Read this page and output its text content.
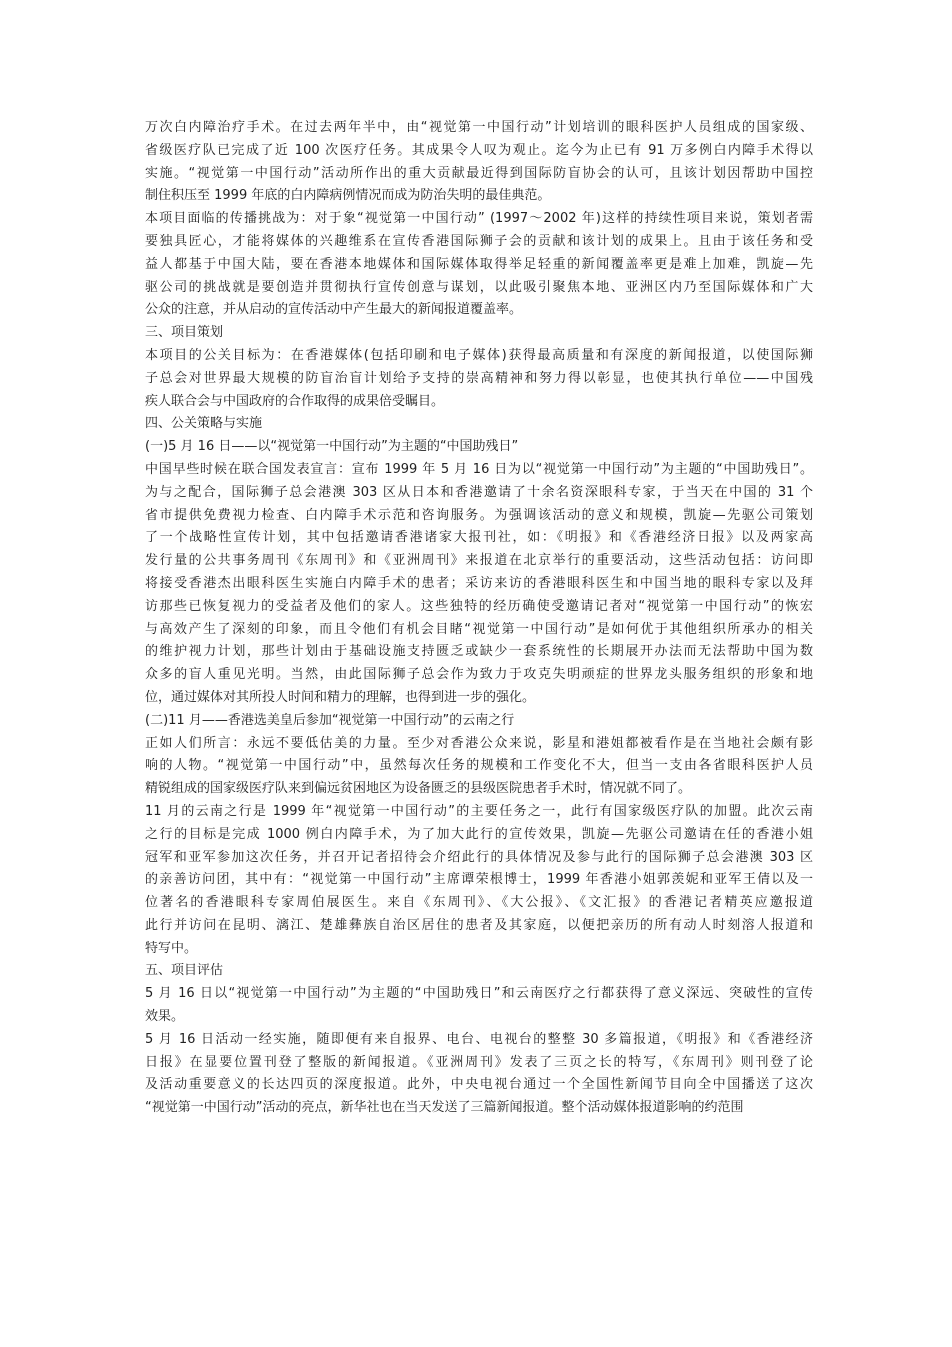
万次白内障治疗手术。在过去两年半中，由“视觉第一中国行动”计划培训的眼科医护人员组成的国家级、
省级医疗队已完成了近 100 次医疗任务。其成果令人叹为观止。迄今为止已有 91 万多例白内障手术得以
实施。“视觉第一中国行动”活动所作出的重大贡献最近得到国际防盲协会的认可，且该计划因帮助中国控
制住积压至 1999 年底的白内障病例情况而成为防治失明的最佳典范。
本项目面临的传播挑战为：对于象“视觉第一中国行动” (1997～2002 年)这样的持续性项目来说，策划者需
要独具匠心，才能将媒体的兴趣维系在宣传香港国际狮子会的贡献和该计划的成果上。且由于该任务和受
益人都基于中国大陆，要在香港本地媒体和国际媒体取得举足轻重的新闻覆盖率更是难上加难，凯旋—先
驱公司的挑战就是要创造并贯彻执行宣传创意与谋划，以此吸引聚焦本地、亚洲区内乃至国际媒体和广大
公众的注意，并从启动的宣传活动中产生最大的新闻报道覆盖率。
三、项目策划
本项目的公关目标为：在香港媒体(包括印刷和电子媒体)获得最高质量和有深度的新闻报道，以使国际狮
子总会对世界最大规模的防盲治盲计划给予支持的崇高精神和努力得以彰显，也使其执行单位——中国残
疾人联合会与中国政府的合作取得的成果倍受瞩目。
四、公关策略与实施
(一)5 月 16 日——以“视觉第一中国行动”为主题的“中国助残日”
中国早些时候在联合国发表宣言：宣布 1999 年 5 月 16 日为以“视觉第一中国行动”为主题的“中国助残日”。
为与之配合，国际狮子总会港澳 303 区从日本和香港邀请了十余名资深眼科专家，于当天在中国的 31 个
省市提供免费视力检查、白内障手术示范和咨询服务。为强调该活动的意义和规模，凯旋—先驱公司策划
了一个战略性宣传计划，其中包括邀请香港诸家大报刊社，如：《明报》和《香港经济日报》以及两家高
发行量的公共事务周刊《东周刊》和《亚洲周刊》来报道在北京举行的重要活动，这些活动包括：访问即
将接受香港杰出眼科医生实施白内障手术的患者；采访来访的香港眼科医生和中国当地的眼科专家以及拜
访那些已恢复视力的受益者及他们的家人。这些独特的经历确使受邀请记者对“视觉第一中国行动”的恢宏
与高效产生了深刻的印象，而且令他们有机会目睹“视觉第一中国行动”是如何优于其他组织所承办的相关
的维护视力计划，那些计划由于基础设施支持匮乏或缺少一套系统性的长期展开办法而无法帮助中国为数
众多的盲人重见光明。当然，由此国际狮子总会作为致力于攻克失明顽症的世界龙头服务组织的形象和地
位，通过媒体对其所投人时间和精力的理解，也得到进一步的强化。
(二)11 月——香港选美皇后参加“视觉第一中国行动”的云南之行
正如人们所言：永远不要低估美的力量。至少对香港公众来说，影星和港姐都被看作是在当地社会颇有影
响的人物。“视觉第一中国行动”中，虽然每次任务的规模和工作变化不大，但当一支由各省眼科医护人员
精锐组成的国家级医疗队来到偏远贫困地区为设备匮乏的县级医院患者手术时，情况就不同了。
11 月的云南之行是 1999 年“视觉第一中国行动”的主要任务之一，此行有国家级医疗队的加盟。此次云南
之行的目标是完成 1000 例白内障手术，为了加大此行的宣传效果，凯旋—先驱公司邀请在任的香港小姐
冠军和亚军参加这次任务，并召开记者招待会介绍此行的具体情况及参与此行的国际狮子总会港澳 303 区
的亲善访问团，其中有：“视觉第一中国行动”主席谭荣根博士，1999 年香港小姐郭羡妮和亚军王倩以及一
位著名的香港眼科专家周伯展医生。来自《东周刊》、《大公报》、《文汇报》的香港记者精英应邀报道
此行并访问在昆明、漓江、楚雄彝族自治区居住的患者及其家庭，以便把亲历的所有动人时刻溶人报道和
特写中。
五、项目评估
5 月 16 日以“视觉第一中国行动”为主题的“中国助残日”和云南医疗之行都获得了意义深远、突破性的宣传
效果。
5 月 16 日活动一经实施，随即便有来自报界、电台、电视台的整整 30 多篇报道，《明报》和《香港经济
日报》在显要位置刊登了整版的新闻报道。《亚洲周刊》发表了三页之长的特写，《东周刊》则刊登了论
及活动重要意义的长达四页的深度报道。此外，中央电视台通过一个全国性新闻节目向全中国播送了这次
“视觉第一中国行动”活动的亮点，新华社也在当天发送了三篇新闻报道。整个活动媒体报道影响的约范围
